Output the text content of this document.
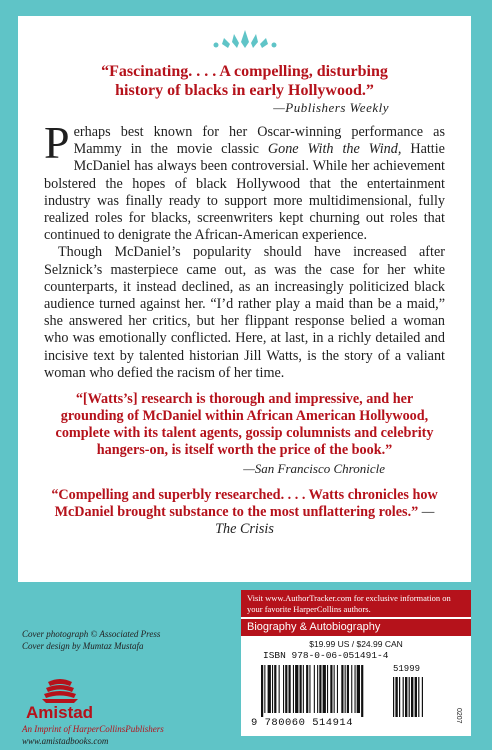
“Fascinating. . . . A compelling, disturbing
history of blacks in early Hollywood.”

—Publishers Weekly

Perhaps best known for her Oscar-winning performance as Mammy in the movie classic Gone With the Wind, Hattie McDaniel has always been controversial. While her achievement bolstered the hopes of black Hollywood that the entertainment industry was finally ready to support more multidimensional, fully realized roles for blacks, screenwriters kept churning out roles that continued to denigrate the African-American experience.

Though McDaniel’s popularity should have increased after Selznick’s masterpiece came out, as was the case for her white counterparts, it instead declined, as an increasingly politicized black audience turned against her. “I’d rather play a maid than be a maid,” she answered her critics, but her flippant response belied a woman who was emotionally conflicted. Here, at last, in a richly detailed and incisive text by talented historian Jill Watts, is the story of a valiant woman who defied the racism of her time.

“[Watts’s] research is thorough and impressive, and her grounding of McDaniel within African American Hollywood, complete with its talent agents, gossip columnists and celebrity hangers-on, is itself worth the price of the book.”

—San Francisco Chronicle

“Compelling and superbly researched. . . . Watts chronicles how McDaniel brought substance to the most unflattering roles.” —The Crisis

Cover photograph © Associated Press
Cover design by Mumtaz Mustafa
Amistad
An Imprint of HarperCollinsPublishers
www.amistadbooks.com
Visit www.AuthorTracker.com for exclusive information on your favorite HarperCollins authors.
Biography & Autobiography
$19.99 US / $24.99 CAN
ISBN 978-0-06-051491-4
51999
9 780060 514914	0207
